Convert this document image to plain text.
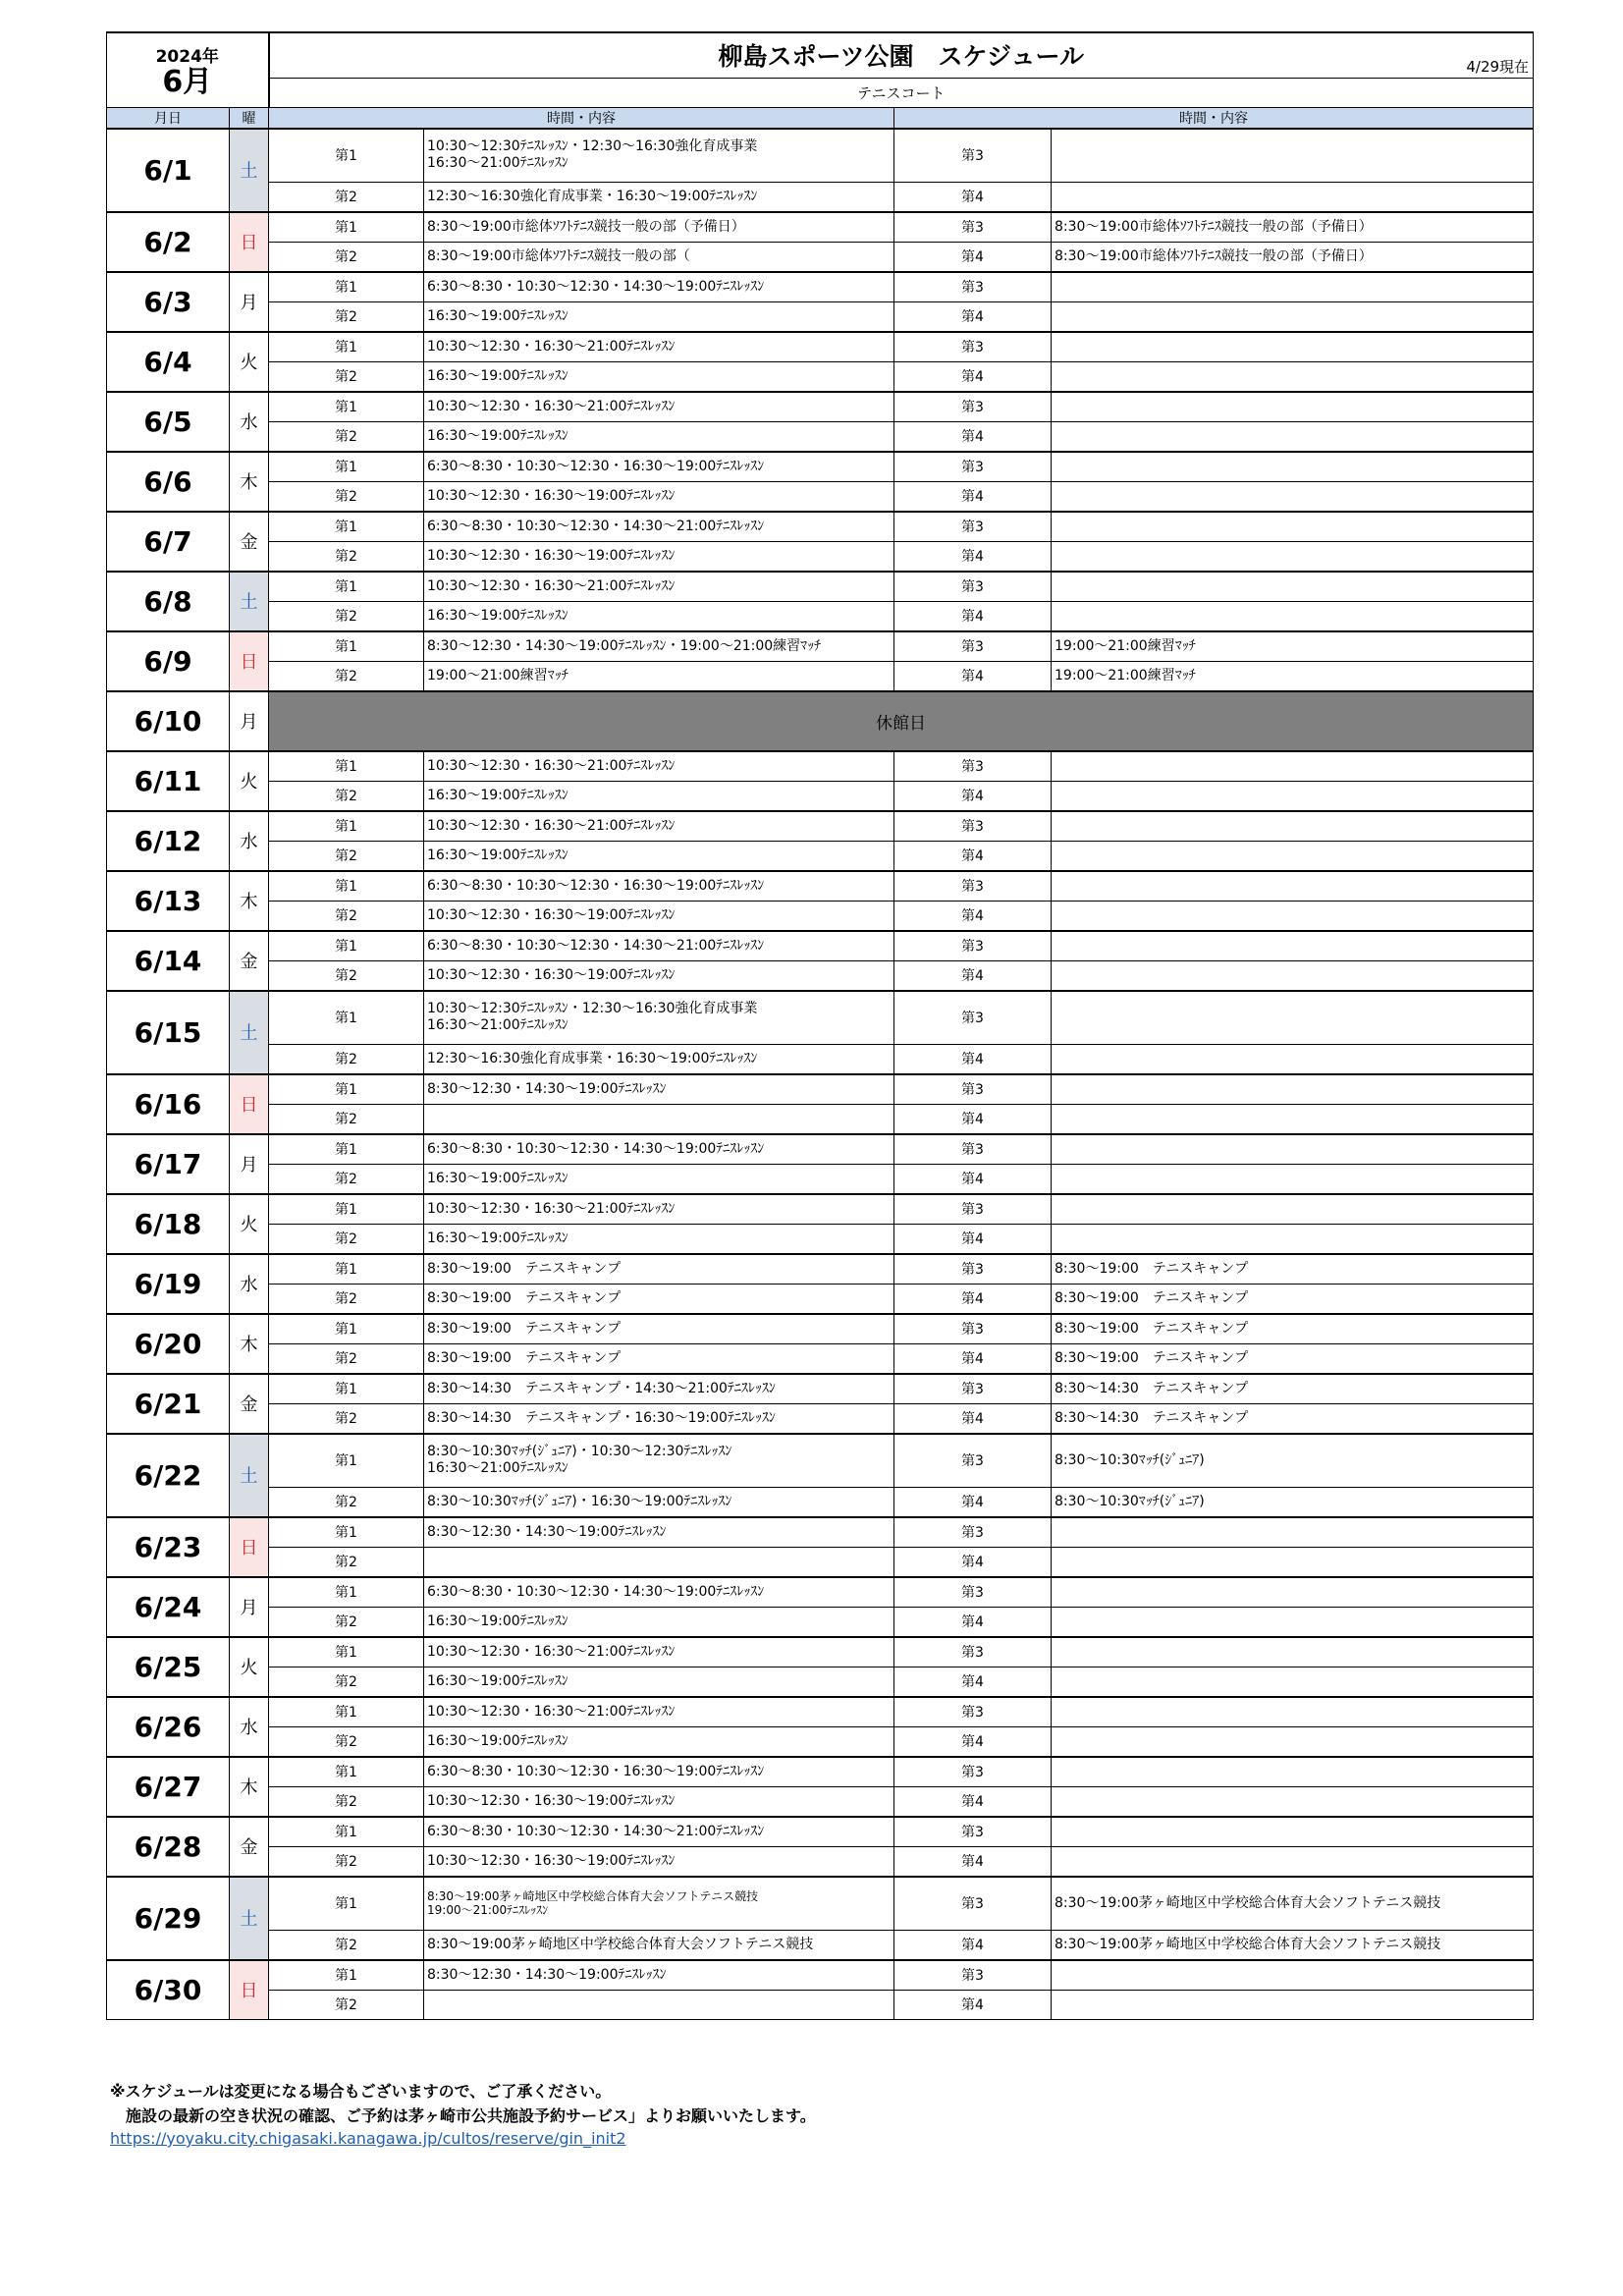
2024年
6月		柳島スポーツ公園　スケジュール 4/29現在			

		テニスコート			
月日	曜	時間・内容		時間・内容	
6/1	土	第1	10:30～12:30ﾃﾆｽﾚｯｽﾝ・12:30～16:30強化育成事業
16:30～21:00ﾃﾆｽﾚｯｽﾝ	第3	
		第2	12:30～16:30強化育成事業・16:30～19:00ﾃﾆｽﾚｯｽﾝ	第4	
6/2	日	第1	8:30～19:00市総体ｿﾌﾄﾃﾆｽ競技一般の部（予備日）	第3	8:30～19:00市総体ｿﾌﾄﾃﾆｽ競技一般の部（予備日）
		第2	8:30～19:00市総体ｿﾌﾄﾃﾆｽ競技一般の部（	第4	8:30～19:00市総体ｿﾌﾄﾃﾆｽ競技一般の部（予備日）
6/3	月	第1	6:30～8:30・10:30～12:30・14:30～19:00ﾃﾆｽﾚｯｽﾝ	第3	
		第2	16:30～19:00ﾃﾆｽﾚｯｽﾝ	第4	
6/4	火	第1	10:30～12:30・16:30～21:00ﾃﾆｽﾚｯｽﾝ	第3	
		第2	16:30～19:00ﾃﾆｽﾚｯｽﾝ	第4	
6/5	水	第1	10:30～12:30・16:30～21:00ﾃﾆｽﾚｯｽﾝ	第3	
		第2	16:30～19:00ﾃﾆｽﾚｯｽﾝ	第4	
6/6	木	第1	6:30～8:30・10:30～12:30・16:30～19:00ﾃﾆｽﾚｯｽﾝ	第3	
		第2	10:30～12:30・16:30～19:00ﾃﾆｽﾚｯｽﾝ	第4	
6/7	金	第1	6:30～8:30・10:30～12:30・14:30～21:00ﾃﾆｽﾚｯｽﾝ	第3	
		第2	10:30～12:30・16:30～19:00ﾃﾆｽﾚｯｽﾝ	第4	
6/8	土	第1	10:30～12:30・16:30～21:00ﾃﾆｽﾚｯｽﾝ	第3	
		第2	16:30～19:00ﾃﾆｽﾚｯｽﾝ	第4	
6/9	日	第1	8:30～12:30・14:30～19:00ﾃﾆｽﾚｯｽﾝ・19:00～21:00練習ﾏｯﾁ	第3	19:00～21:00練習ﾏｯﾁ
		第2	19:00～21:00練習ﾏｯﾁ	第4	19:00～21:00練習ﾏｯﾁ
6/10	月	休館日			

6/11	火	第1	10:30～12:30・16:30～21:00ﾃﾆｽﾚｯｽﾝ	第3	
		第2	16:30～19:00ﾃﾆｽﾚｯｽﾝ	第4	
6/12	水	第1	10:30～12:30・16:30～21:00ﾃﾆｽﾚｯｽﾝ	第3	
		第2	16:30～19:00ﾃﾆｽﾚｯｽﾝ	第4	
6/13	木	第1	6:30～8:30・10:30～12:30・16:30～19:00ﾃﾆｽﾚｯｽﾝ	第3	
		第2	10:30～12:30・16:30～19:00ﾃﾆｽﾚｯｽﾝ	第4	
6/14	金	第1	6:30～8:30・10:30～12:30・14:30～21:00ﾃﾆｽﾚｯｽﾝ	第3	
		第2	10:30～12:30・16:30～19:00ﾃﾆｽﾚｯｽﾝ	第4	
6/15	土	第1	10:30～12:30ﾃﾆｽﾚｯｽﾝ・12:30～16:30強化育成事業
16:30～21:00ﾃﾆｽﾚｯｽﾝ	第3	
		第2	12:30～16:30強化育成事業・16:30～19:00ﾃﾆｽﾚｯｽﾝ	第4	
6/16	日	第1	8:30～12:30・14:30～19:00ﾃﾆｽﾚｯｽﾝ	第3	
		第2		第4	
6/17	月	第1	6:30～8:30・10:30～12:30・14:30～19:00ﾃﾆｽﾚｯｽﾝ	第3	
		第2	16:30～19:00ﾃﾆｽﾚｯｽﾝ	第4	
6/18	火	第1	10:30～12:30・16:30～21:00ﾃﾆｽﾚｯｽﾝ	第3	
		第2	16:30～19:00ﾃﾆｽﾚｯｽﾝ	第4	
6/19	水	第1	8:30～19:00　テニスキャンプ	第3	8:30～19:00　テニスキャンプ
		第2	8:30～19:00　テニスキャンプ	第4	8:30～19:00　テニスキャンプ
6/20	木	第1	8:30～19:00　テニスキャンプ	第3	8:30～19:00　テニスキャンプ
		第2	8:30～19:00　テニスキャンプ	第4	8:30～19:00　テニスキャンプ
6/21	金	第1	8:30～14:30　テニスキャンプ・14:30～21:00ﾃﾆｽﾚｯｽﾝ	第3	8:30～14:30　テニスキャンプ
		第2	8:30～14:30　テニスキャンプ・16:30～19:00ﾃﾆｽﾚｯｽﾝ	第4	8:30～14:30　テニスキャンプ
6/22	土	第1	8:30～10:30ﾏｯﾁ(ｼﾞｭﾆｱ)・10:30～12:30ﾃﾆｽﾚｯｽﾝ
16:30～21:00ﾃﾆｽﾚｯｽﾝ	第3	8:30～10:30ﾏｯﾁ(ｼﾞｭﾆｱ)
		第2	8:30～10:30ﾏｯﾁ(ｼﾞｭﾆｱ)・16:30～19:00ﾃﾆｽﾚｯｽﾝ	第4	8:30～10:30ﾏｯﾁ(ｼﾞｭﾆｱ)
6/23	日	第1	8:30～12:30・14:30～19:00ﾃﾆｽﾚｯｽﾝ	第3	
		第2		第4	
6/24	月	第1	6:30～8:30・10:30～12:30・14:30～19:00ﾃﾆｽﾚｯｽﾝ	第3	
		第2	16:30～19:00ﾃﾆｽﾚｯｽﾝ	第4	
6/25	火	第1	10:30～12:30・16:30～21:00ﾃﾆｽﾚｯｽﾝ	第3	
		第2	16:30～19:00ﾃﾆｽﾚｯｽﾝ	第4	
6/26	水	第1	10:30～12:30・16:30～21:00ﾃﾆｽﾚｯｽﾝ	第3	
		第2	16:30～19:00ﾃﾆｽﾚｯｽﾝ	第4	
6/27	木	第1	6:30～8:30・10:30～12:30・16:30～19:00ﾃﾆｽﾚｯｽﾝ	第3	
		第2	10:30～12:30・16:30～19:00ﾃﾆｽﾚｯｽﾝ	第4	
6/28	金	第1	6:30～8:30・10:30～12:30・14:30～21:00ﾃﾆｽﾚｯｽﾝ	第3	
		第2	10:30～12:30・16:30～19:00ﾃﾆｽﾚｯｽﾝ	第4	
6/29	土	第1	8:30～19:00茅ヶ崎地区中学校総合体育大会ソフトテニス競技
19:00～21:00ﾃﾆｽﾚｯｽﾝ	第3	8:30～19:00茅ヶ崎地区中学校総合体育大会ソフトテニス競技
		第2	8:30～19:00茅ヶ崎地区中学校総合体育大会ソフトテニス競技	第4	8:30～19:00茅ヶ崎地区中学校総合体育大会ソフトテニス競技
6/30	日	第1	8:30～12:30・14:30～19:00ﾃﾆｽﾚｯｽﾝ	第3	
		第2		第4	
※スケジュールは変更になる場合もございますので、ご了承ください。
　施設の最新の空き状況の確認、ご予約は茅ヶ崎市公共施設予約サービス」よりお願いいたします。
https://yoyaku.city.chigasaki.kanagawa.jp/cultos/reserve/gin_init2
